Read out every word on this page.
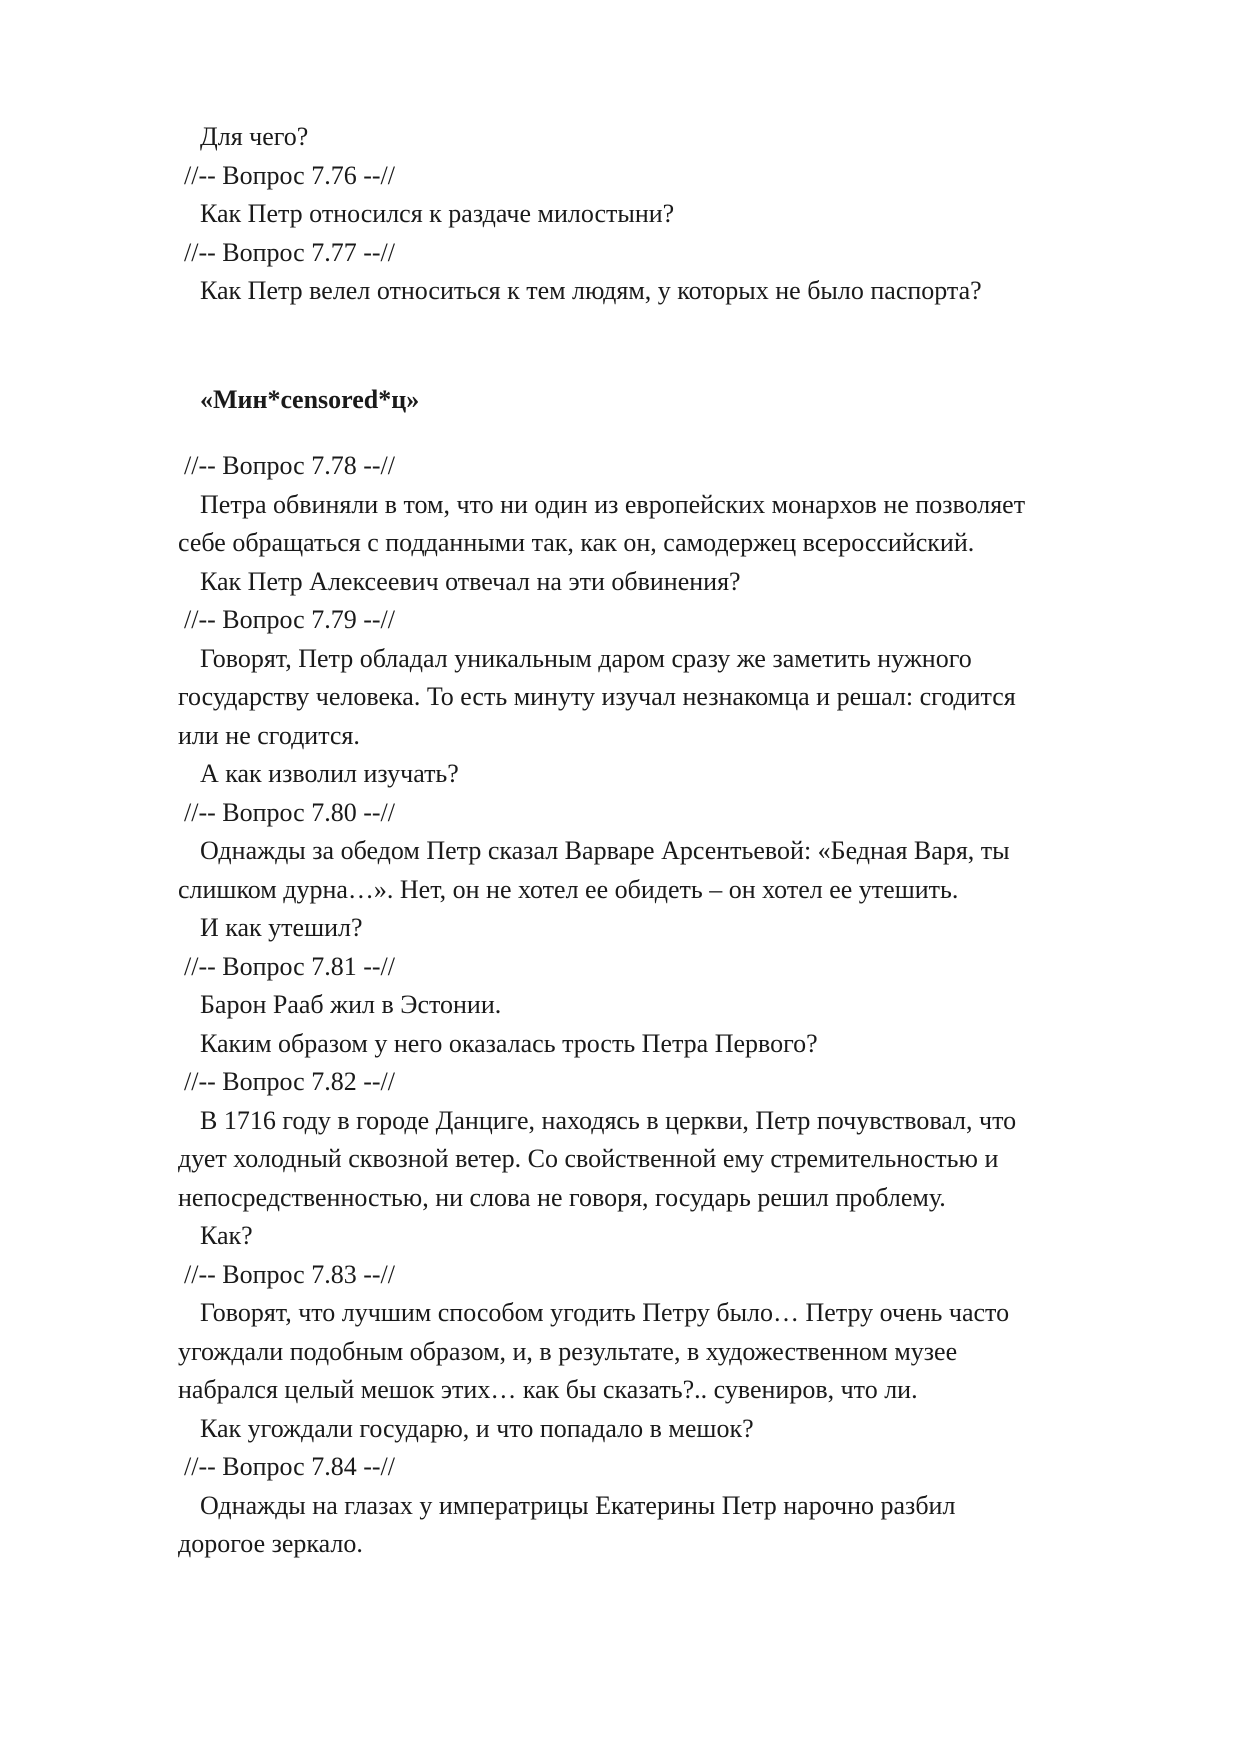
Для чего?
//-- Вопрос 7.76 --//
Как Петр относился к раздаче милостыни?
//-- Вопрос 7.77 --//
Как Петр велел относиться к тем людям, у которых не было паспорта?
«Мин*censored*ц»
//-- Вопрос 7.78 --//
Петра обвиняли в том, что ни один из европейских монархов не позволяет
себе обращаться с подданными так, как он, самодержец всероссийский.
Как Петр Алексеевич отвечал на эти обвинения?
//-- Вопрос 7.79 --//
Говорят, Петр обладал уникальным даром сразу же заметить нужного
государству человека. То есть минуту изучал незнакомца и решал: сгодится
или не сгодится.
А как изволил изучать?
//-- Вопрос 7.80 --//
Однажды за обедом Петр сказал Варваре Арсентьевой: «Бедная Варя, ты
слишком дурна…». Нет, он не хотел ее обидеть – он хотел ее утешить.
И как утешил?
//-- Вопрос 7.81 --//
Барон Рааб жил в Эстонии.
Каким образом у него оказалась трость Петра Первого?
//-- Вопрос 7.82 --//
В 1716 году в городе Данциге, находясь в церкви, Петр почувствовал, что
дует холодный сквозной ветер. Со свойственной ему стремительностью и
непосредственностью, ни слова не говоря, государь решил проблему.
Как?
//-- Вопрос 7.83 --//
Говорят, что лучшим способом угодить Петру было… Петру очень часто
угождали подобным образом, и, в результате, в художественном музее
набрался целый мешок этих… как бы сказать?.. сувениров, что ли.
Как угождали государю, и что попадало в мешок?
//-- Вопрос 7.84 --//
Однажды на глазах у императрицы Екатерины Петр нарочно разбил
дорогое зеркало.
